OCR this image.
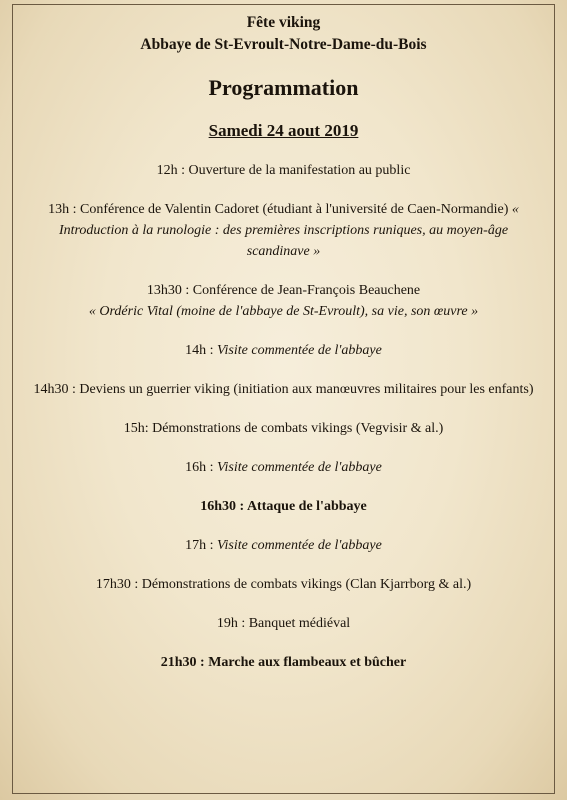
Fête viking

Abbaye de St-Evroult-Notre-Dame-du-Bois

Programmation

Samedi 24 aout 2019

12h : Ouverture de la manifestation au public

13h : Conférence de Valentin Cadoret (étudiant à l'université de Caen-Normandie) « Introduction à la runologie : des premières inscriptions runiques, au moyen-âge scandinave »

13h30 : Conférence de Jean-François Beauchene
« Ordéric Vital (moine de l'abbaye de St-Evroult), sa vie, son œuvre »

14h : Visite commentée de l'abbaye

14h30 : Deviens un guerrier viking (initiation aux manœuvres militaires pour les enfants)

15h: Démonstrations de combats vikings (Vegvisir & al.)

16h : Visite commentée de l'abbaye

16h30 : Attaque de l'abbaye

17h : Visite commentée de l'abbaye

17h30 : Démonstrations de combats vikings (Clan Kjarrborg & al.)

19h : Banquet médiéval

21h30 : Marche aux flambeaux et bûcher
